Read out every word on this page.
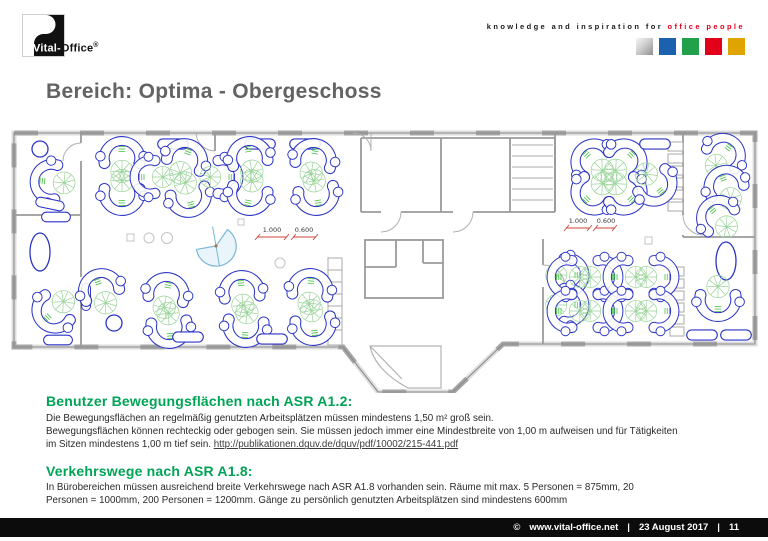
Vital-Office®
knowledge and inspiration for office people
Bereich: Optima - Obergeschoss
1.000 0.600
1.000 0.600
Benutzer Bewegungsflächen nach ASR A1.2:
Die Bewegungsflächen an regelmäßig genutzten Arbeitsplätzen müssen mindestens 1,50 m² groß sein.
Bewegungsflächen können rechteckig oder gebogen sein. Sie müssen jedoch immer eine Mindestbreite von 1,00 m aufweisen und für Tätigkeiten
im Sitzen mindestens 1,00 m tief sein. http://publikationen.dguv.de/dguv/pdf/10002/215-441.pdf
Verkehrswege nach ASR A1.8:
In Bürobereichen müssen ausreichend breite Verkehrswege nach ASR A1.8 vorhanden sein. Räume mit max. 5 Personen = 875mm, 20
Personen = 1000mm, 200 Personen = 1200mm. Gänge zu persönlich genutzten Arbeitsplätzen sind mindestens 600mm
© www.vital-office.net | 23 August 2017 | 11
